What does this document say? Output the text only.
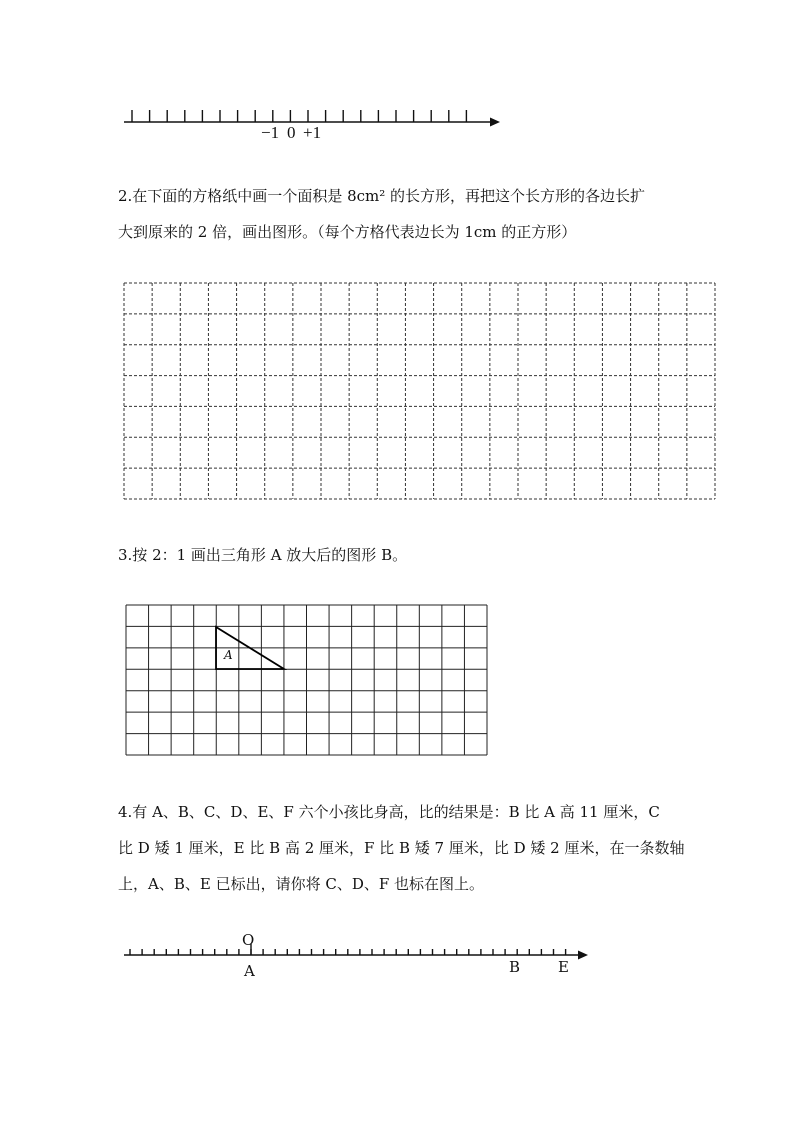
−1 0 +1
2.在下面的方格纸中画一个面积是 8cm² 的长方形，再把这个长方形的各边长扩
大到原来的 2 倍，画出图形。（每个方格代表边长为 1cm 的正方形）
3.按 2：1 画出三角形 A 放大后的图形 B。
A
4.有 A、B、C、D、E、F 六个小孩比身高，比的结果是：B 比 A 高 11 厘米，C
比 D 矮 1 厘米，E 比 B 高 2 厘米，F 比 B 矮 7 厘米，比 D 矮 2 厘米，在一条数轴
上，A、B、E 已标出，请你将 C、D、F 也标在图上。
O
A	B	E
